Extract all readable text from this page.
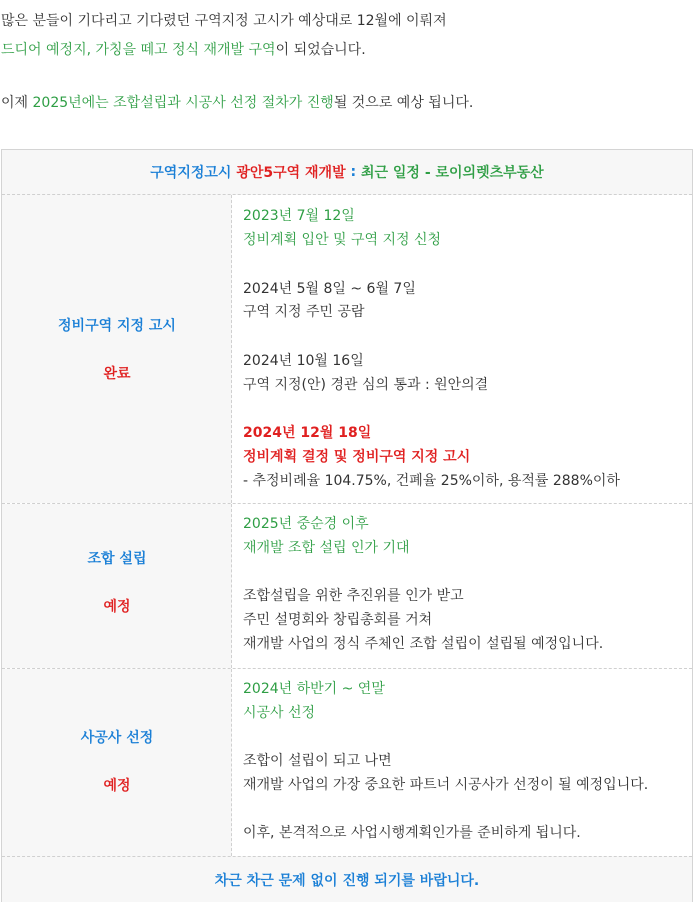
많은 분들이 기다리고 기다렸던 구역지정 고시가 예상대로 12월에 이뤄져
드디어 예정지, 가칭을 떼고 정식 재개발 구역이 되었습니다.
이제 2025년에는 조합설립과 시공사 선정 절차가 진행될 것으로 예상 됩니다.
구역지정고시
광안5구역 재개발
:
최근 일정 - 로이의렛츠부동산
정비구역 지정 고시
완료
2023년 7월 12일
정비계획 입안 및 구역 지정 신청
2024년 5월 8일 ~ 6월 7일
구역 지정 주민 공람
2024년 10월 16일
구역 지정(안) 경관 심의 통과 : 원안의결
2024년 12월 18일
정비계획 결정 및 정비구역 지정 고시
- 추정비례율 104.75%, 건폐율 25%이하, 용적률 288%이하
조합 설립
예정
2025년 중순경 이후
재개발 조합 설립 인가 기대
조합설립을 위한 추진위를 인가 받고
주민 설명회와 창립총회를 거쳐
재개발 사업의 정식 주체인 조합 설립이 설립될 예정입니다.
사공사 선정
예정
2024년 하반기 ~ 연말
시공사 선정
조합이 설립이 되고 나면
재개발 사업의 가장 중요한 파트너 시공사가 선정이 될 예정입니다.
이후, 본격적으로 사업시행계획인가를 준비하게 됩니다.
차근 차근 문제 없이 진행 되기를 바랍니다.
